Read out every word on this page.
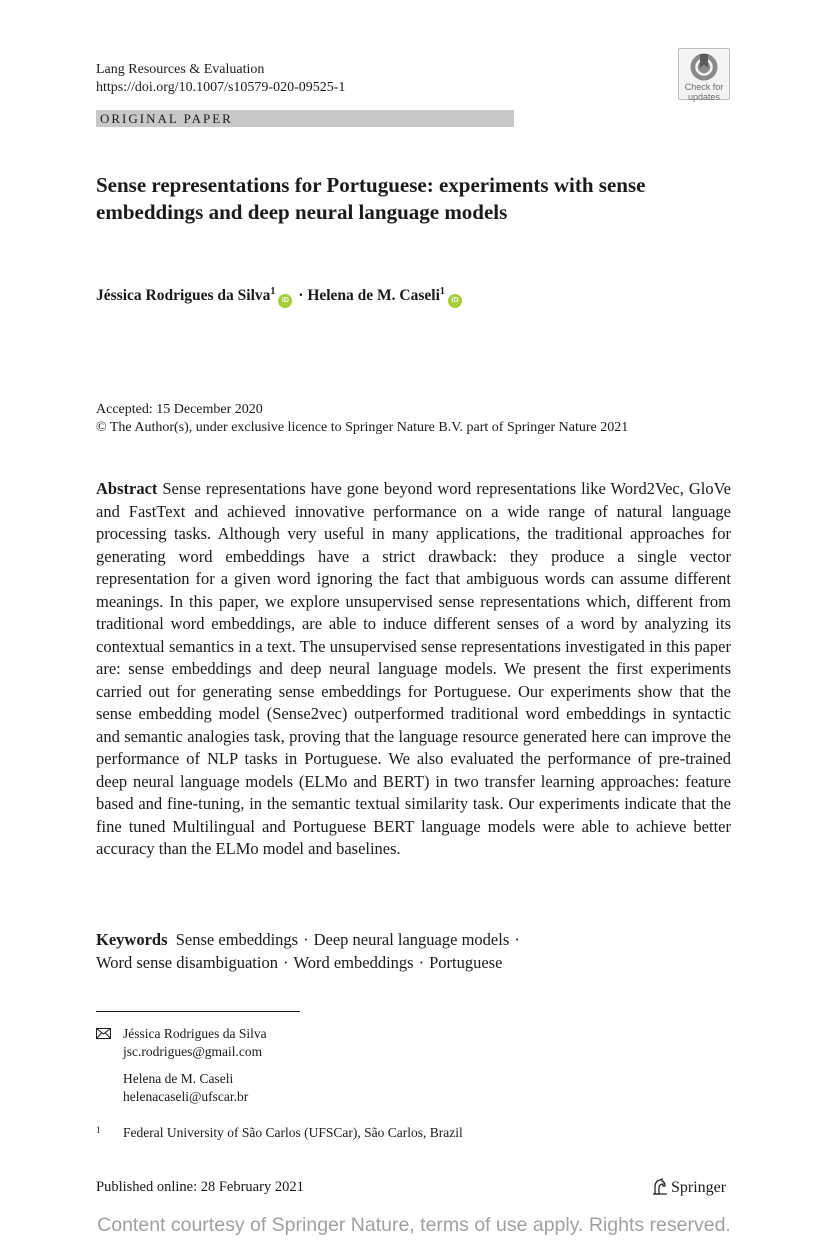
Lang Resources & Evaluation
https://doi.org/10.1007/s10579-020-09525-1	Check for
updates
ORIGINAL PAPER
Sense representations for Portuguese: experiments with sense embeddings and deep neural language models
Jéssica Rodrigues da Silva$^1$iD · Helena de M. Caseli$^1$iD
Accepted: 15 December 2020
© The Author(s), under exclusive licence to Springer Nature B.V. part of Springer Nature 2021

Abstract Sense representations have gone beyond word representations like Word2Vec, GloVe and FastText and achieved innovative performance on a wide range of natural language processing tasks. Although very useful in many applications, the traditional approaches for generating word embeddings have a strict drawback: they produce a single vector representation for a given word ignoring the fact that ambiguous words can assume different meanings. In this paper, we explore unsupervised sense representations which, different from traditional word embeddings, are able to induce different senses of a word by analyzing its contextual semantics in a text. The unsupervised sense representations investigated in this paper are: sense embeddings and deep neural language models. We present the first experiments carried out for generating sense embeddings for Portuguese. Our experiments show that the sense embedding model (Sense2vec) outperformed traditional word embeddings in syntactic and semantic analogies task, proving that the language resource generated here can improve the performance of NLP tasks in Portuguese. We also evaluated the performance of pre-trained deep neural language models (ELMo and BERT) in two transfer learning approaches: feature based and fine-tuning, in the semantic textual similarity task. Our experiments indicate that the fine tuned Multilingual and Portuguese BERT language models were able to achieve better accuracy than the ELMo model and baselines.

Keywords Sense embeddings · Deep neural language models ·
Word sense disambiguation · Word embeddings · Portuguese
Jéssica Rodrigues da Silva
jsc.rodrigues@gmail.com
Helena de M. Caseli
helenacaseli@ufscar.br
1 Federal University of São Carlos (UFSCar), São Carlos, Brazil
Published online: 28 February 2021	Springer
Content courtesy of Springer Nature, terms of use apply. Rights reserved.
